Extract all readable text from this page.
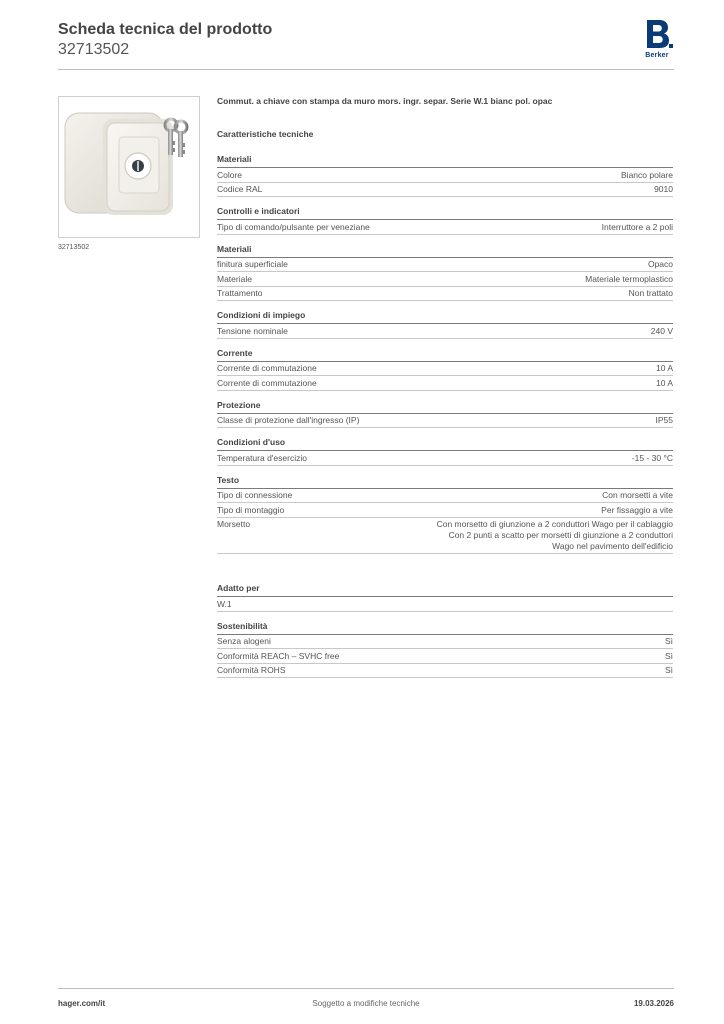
Scheda tecnica del prodotto
32713502	Berker
32713502
Commut. a chiave con stampa da muro mors. ingr. separ. Serie W.1 bianc pol. opac
Caratteristiche tecniche
Materiali
Colore	Bianco polare
Codice RAL	9010
Controlli e indicatori
Tipo di comando/pulsante per veneziane	Interruttore a 2 poli
Materiali
finitura superficiale	Opaco
Materiale	Materiale termoplastico
Trattamento	Non trattato
Condizioni di impiego
Tensione nominale	240 V
Corrente
Corrente di commutazione	10 A
Corrente di commutazione	10 A
Protezione
Classe di protezione dall'ingresso (IP)	IP55
Condizioni d'uso
Temperatura d'esercizio	-15 - 30 °C
Testo
Tipo di connessione	Con morsetti a vite
Tipo di montaggio	Per fissaggio a vite
Morsetto	Con morsetto di giunzione a 2 conduttori Wago per il cablaggio
Con 2 punti a scatto per morsetti di giunzione a 2 conduttori
Wago nel pavimento dell'edificio
Adatto per
W.1
Sostenibilità
Senza alogeni	Sì
Conformità REACh – SVHC free	Sì
Conformità ROHS	Sì
hager.com/it	Soggetto a modifiche tecniche	19.03.2026
